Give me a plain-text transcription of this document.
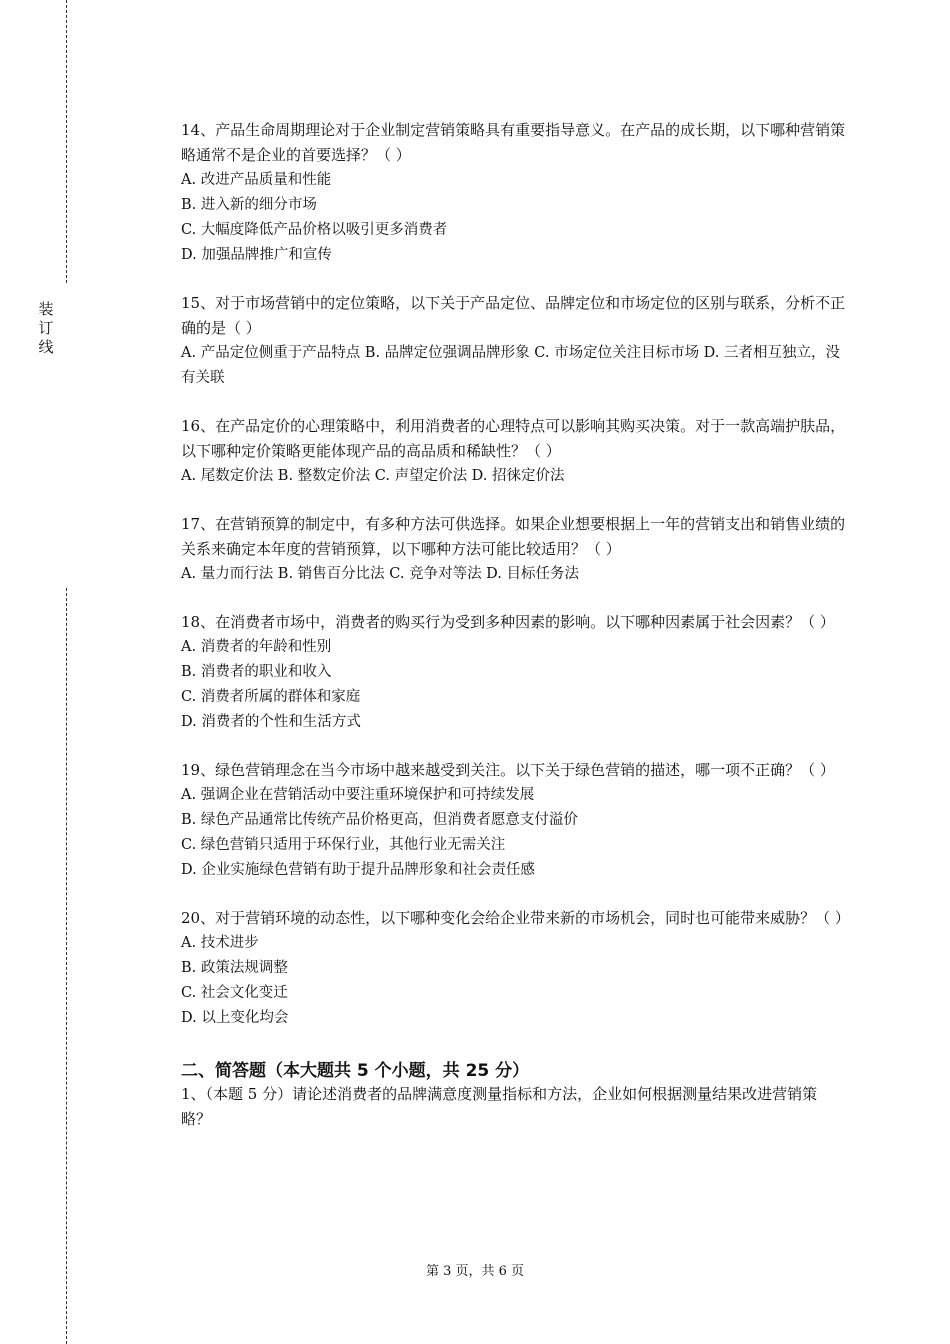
装
订
线

14、产品生命周期理论对于企业制定营销策略具有重要指导意义。在产品的成长期，以下哪种营销策略通常不是企业的首要选择？（ ）

A. 改进产品质量和性能

B. 进入新的细分市场

C. 大幅度降低产品价格以吸引更多消费者

D. 加强品牌推广和宣传

15、对于市场营销中的定位策略，以下关于产品定位、品牌定位和市场定位的区别与联系，分析不正确的是（ ）

A. 产品定位侧重于产品特点 B. 品牌定位强调品牌形象 C. 市场定位关注目标市场 D. 三者相互独立，没有关联

16、在产品定价的心理策略中，利用消费者的心理特点可以影响其购买决策。对于一款高端护肤品，以下哪种定价策略更能体现产品的高品质和稀缺性？（ ）

A. 尾数定价法 B. 整数定价法 C. 声望定价法 D. 招徕定价法

17、在营销预算的制定中，有多种方法可供选择。如果企业想要根据上一年的营销支出和销售业绩的关系来确定本年度的营销预算，以下哪种方法可能比较适用？（ ）

A. 量力而行法 B. 销售百分比法 C. 竞争对等法 D. 目标任务法

18、在消费者市场中，消费者的购买行为受到多种因素的影响。以下哪种因素属于社会因素？（ ）

A. 消费者的年龄和性别

B. 消费者的职业和收入

C. 消费者所属的群体和家庭

D. 消费者的个性和生活方式

19、绿色营销理念在当今市场中越来越受到关注。以下关于绿色营销的描述，哪一项不正确？（ ）

A. 强调企业在营销活动中要注重环境保护和可持续发展

B. 绿色产品通常比传统产品价格更高，但消费者愿意支付溢价

C. 绿色营销只适用于环保行业，其他行业无需关注

D. 企业实施绿色营销有助于提升品牌形象和社会责任感

20、对于营销环境的动态性，以下哪种变化会给企业带来新的市场机会，同时也可能带来威胁？（ ）

A. 技术进步

B. 政策法规调整

C. 社会文化变迁

D. 以上变化均会

二、简答题（本大题共 5 个小题，共 25 分）

1、（本题 5 分）请论述消费者的品牌满意度测量指标和方法，企业如何根据测量结果改进营销策略？

第 3 页，共 6 页
